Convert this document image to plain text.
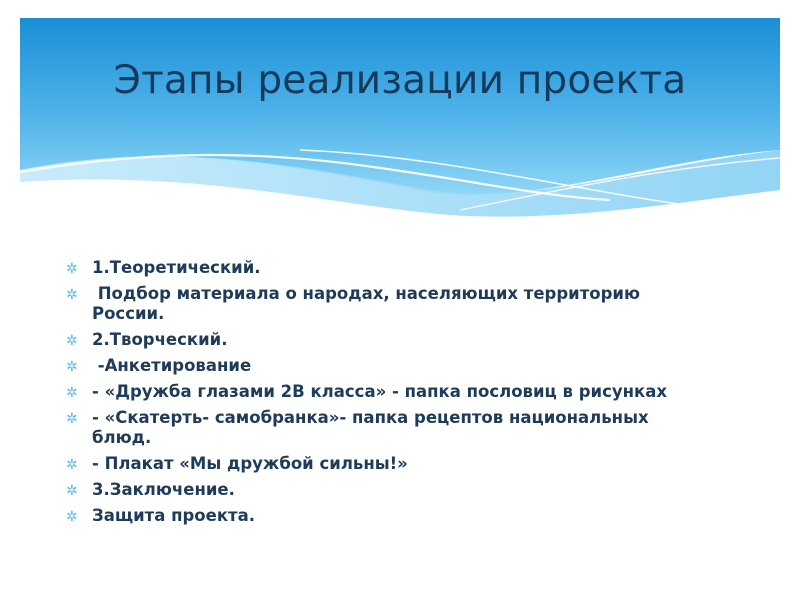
Этапы реализации проекта
✲ 1.Теоретический.
✲ Подбор материала о народах, населяющих территорию России.
✲ 2.Творческий.
✲ -Анкетирование
✲ - «Дружба глазами 2В класса» - папка пословиц в рисунках
✲ - «Скатерть- самобранка»- папка рецептов национальных блюд.
✲ - Плакат «Мы дружбой сильны!»
✲ 3.Заключение.
✲ Защита проекта.
